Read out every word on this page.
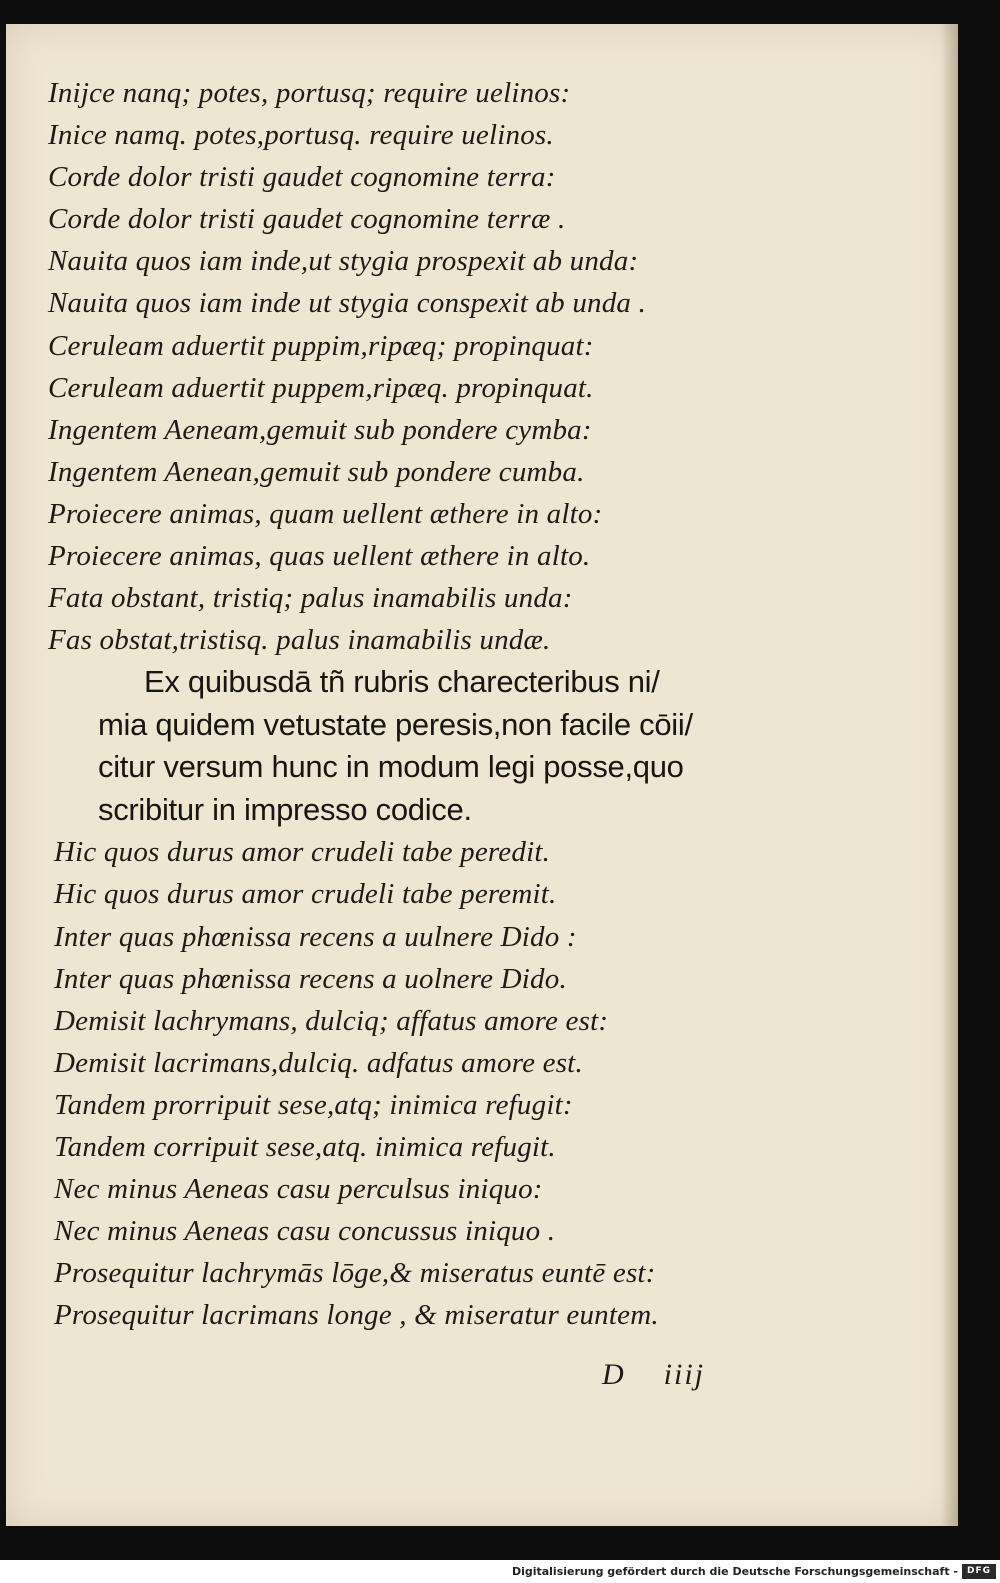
Inijce nanq; potes, portusq; require uelinos:
Inice namq. potes,portusq. require uelinos.
Corde dolor tristi gaudet cognomine terra:
Corde dolor tristi gaudet cognomine terræ .
Nauita quos iam inde,ut stygia prospexit ab unda:
Nauita quos iam inde ut stygia conspexit ab unda .
Ceruleam aduertit puppim,ripæq; propinquat:
Ceruleam aduertit puppem,ripæq. propinquat.
Ingentem Aeneam,gemuit sub pondere cymba:
Ingentem Aenean,gemuit sub pondere cumba.
Proiecere animas, quam uellent æthere in alto:
Proiecere animas, quas uellent æthere in alto.
Fata obstant, tristiq; palus inamabilis unda:
Fas obstat,tristisq. palus inamabilis undæ.
Ex quibusdā tñ rubris charecteribus ni/
mia quidem vetustate peresis,non facile cōii/
citur versum hunc in modum legi posse,quo
scribitur in impresso codice.
Hic quos durus amor crudeli tabe peredit.
Hic quos durus amor crudeli tabe peremit.
Inter quas phœnissa recens a uulnere Dido :
Inter quas phœnissa recens a uolnere Dido.
Demisit lachrymans, dulciq; affatus amore est:
Demisit lacrimans,dulciq. adfatus amore est.
Tandem prorripuit sese,atq; inimica refugit:
Tandem corripuit sese,atq. inimica refugit.
Nec minus Aeneas casu perculsus iniquo:
Nec minus Aeneas casu concussus iniquo .
Prosequitur lachrymās lōge,& miseratus euntē est:
Prosequitur lacrimans longe , & miseratur euntem.
D iiij
Digitalisierung gefördert durch die Deutsche Forschungsgemeinschaft - DFG
